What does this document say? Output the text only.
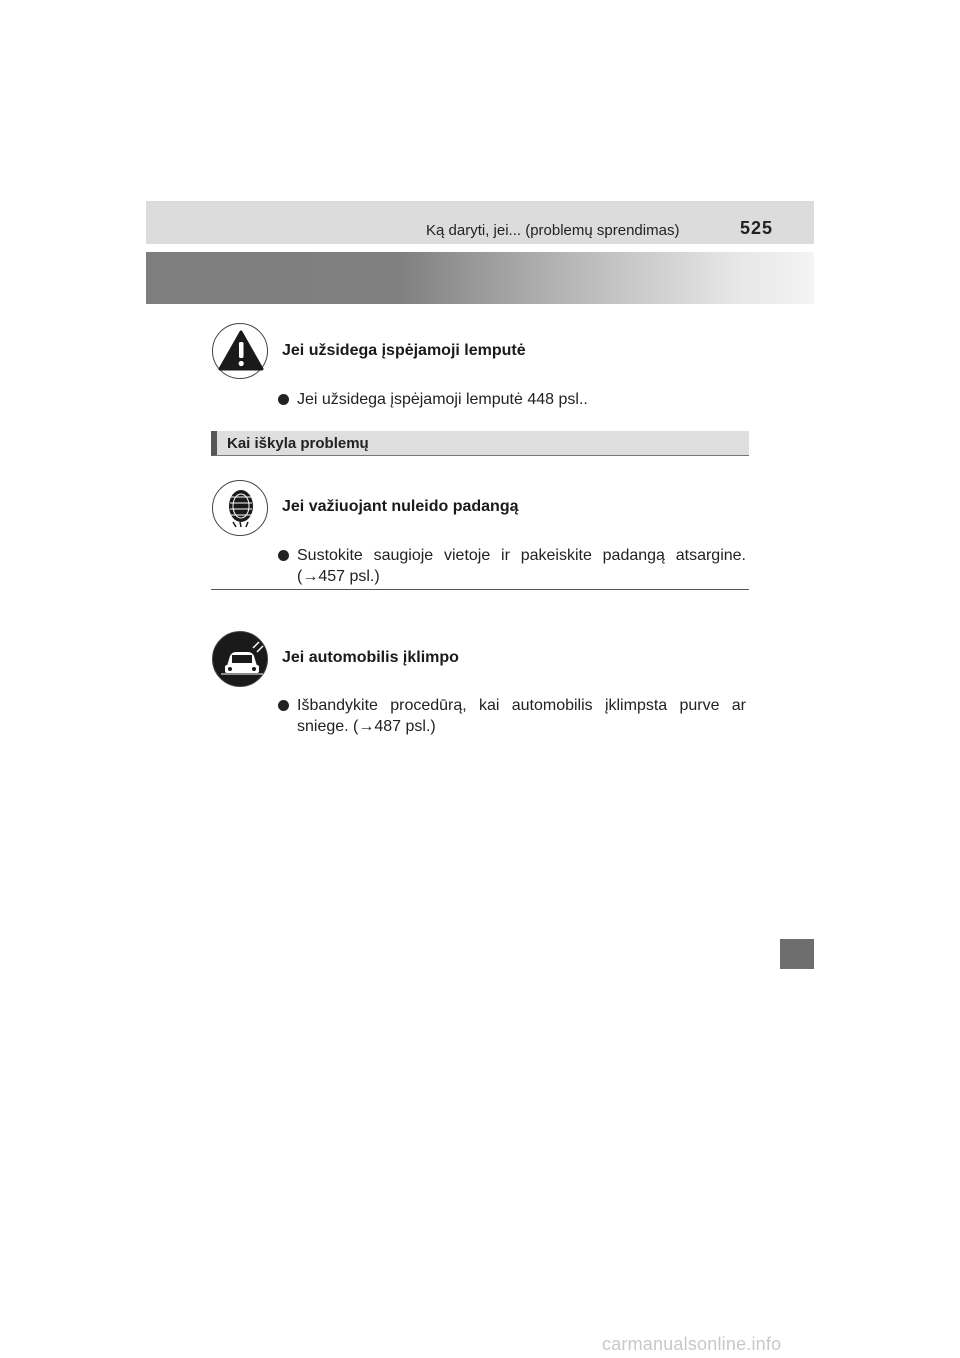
Ką daryti, jei... (problemų sprendimas)	525
Jei užsidega įspėjamoji lemputė
Jei užsidega įspėjamoji lemputė 448 psl..
Kai iškyla problemų
Jei važiuojant nuleido padangą
Sustokite saugioje vietoje ir pakeiskite padangą atsargine.
(→457 psl.)
Jei automobilis įklimpo
Išbandykite procedūrą, kai automobilis įklimpsta purve ar
sniege. (→487 psl.)
carmanualsonline.info
